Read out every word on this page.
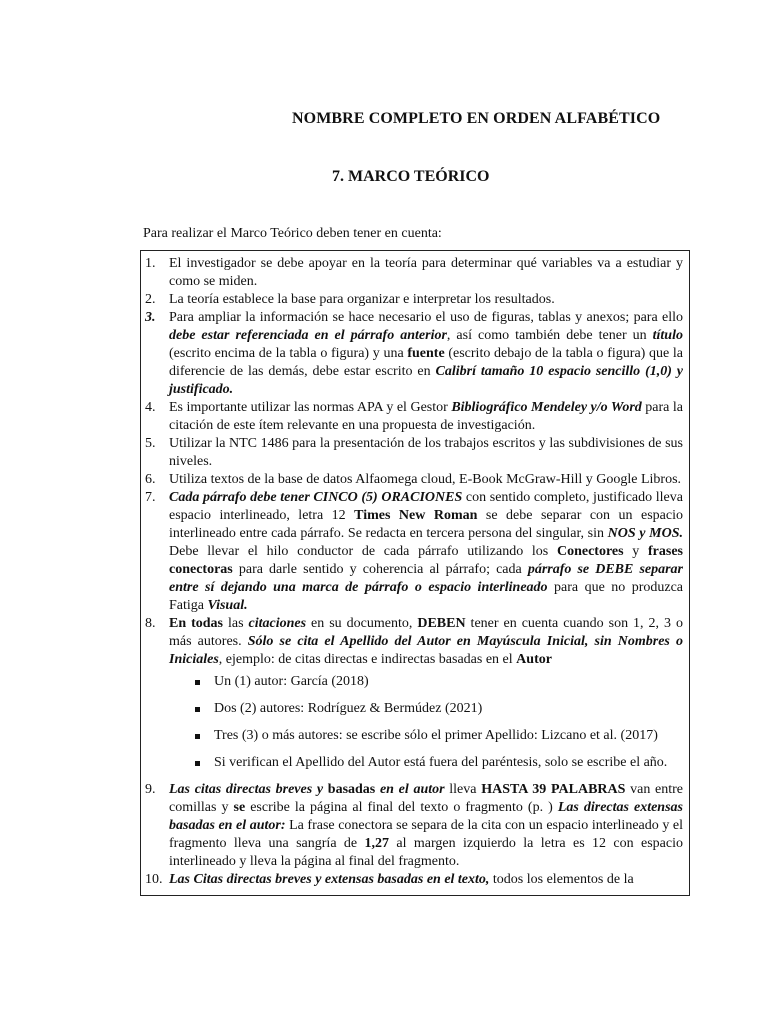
NOMBRE COMPLETO EN ORDEN ALFABÉTICO
7. MARCO TEÓRICO
Para realizar el Marco Teórico deben tener en cuenta:
1. El investigador se debe apoyar en la teoría para determinar qué variables va a estudiar y como se miden.
2. La teoría establece la base para organizar e interpretar los resultados.
3. Para ampliar la información se hace necesario el uso de figuras, tablas y anexos; para ello debe estar referenciada en el párrafo anterior, así como también debe tener un título (escrito encima de la tabla o figura) y una fuente (escrito debajo de la tabla o figura) que la diferencie de las demás, debe estar escrito en Calibrí tamaño 10 espacio sencillo (1,0) y justificado.
4. Es importante utilizar las normas APA y el Gestor Bibliográfico Mendeley y/o Word para la citación de este ítem relevante en una propuesta de investigación.
5. Utilizar la NTC 1486 para la presentación de los trabajos escritos y las subdivisiones de sus niveles.
6. Utiliza textos de la base de datos Alfaomega cloud, E-Book McGraw-Hill y Google Libros.
7. Cada párrafo debe tener CINCO (5) ORACIONES con sentido completo, justificado lleva espacio interlineado, letra 12 Times New Roman se debe separar con un espacio interlineado entre cada párrafo. Se redacta en tercera persona del singular, sin NOS y MOS. Debe llevar el hilo conductor de cada párrafo utilizando los Conectores y frases conectoras para darle sentido y coherencia al párrafo; cada párrafo se DEBE separar entre sí dejando una marca de párrafo o espacio interlineado para que no produzca Fatiga Visual.
8. En todas las citaciones en su documento, DEBEN tener en cuenta cuando son 1, 2, 3 o más autores. Sólo se cita el Apellido del Autor en Mayúscula Inicial, sin Nombres o Iniciales, ejemplo: de citas directas e indirectas basadas en el Autor
Un (1) autor: García (2018)
Dos (2) autores: Rodríguez & Bermúdez (2021)
Tres (3) o más autores: se escribe sólo el primer Apellido: Lizcano et al. (2017)
Si verifican el Apellido del Autor está fuera del paréntesis, solo se escribe el año.
9. Las citas directas breves y basadas en el autor lleva HASTA 39 PALABRAS van entre comillas y se escribe la página al final del texto o fragmento (p. ) Las directas extensas basadas en el autor: La frase conectora se separa de la cita con un espacio interlineado y el fragmento lleva una sangría de 1,27 al margen izquierdo la letra es 12 con espacio interlineado y lleva la página al final del fragmento.
10. Las Citas directas breves y extensas basadas en el texto, todos los elementos de la
